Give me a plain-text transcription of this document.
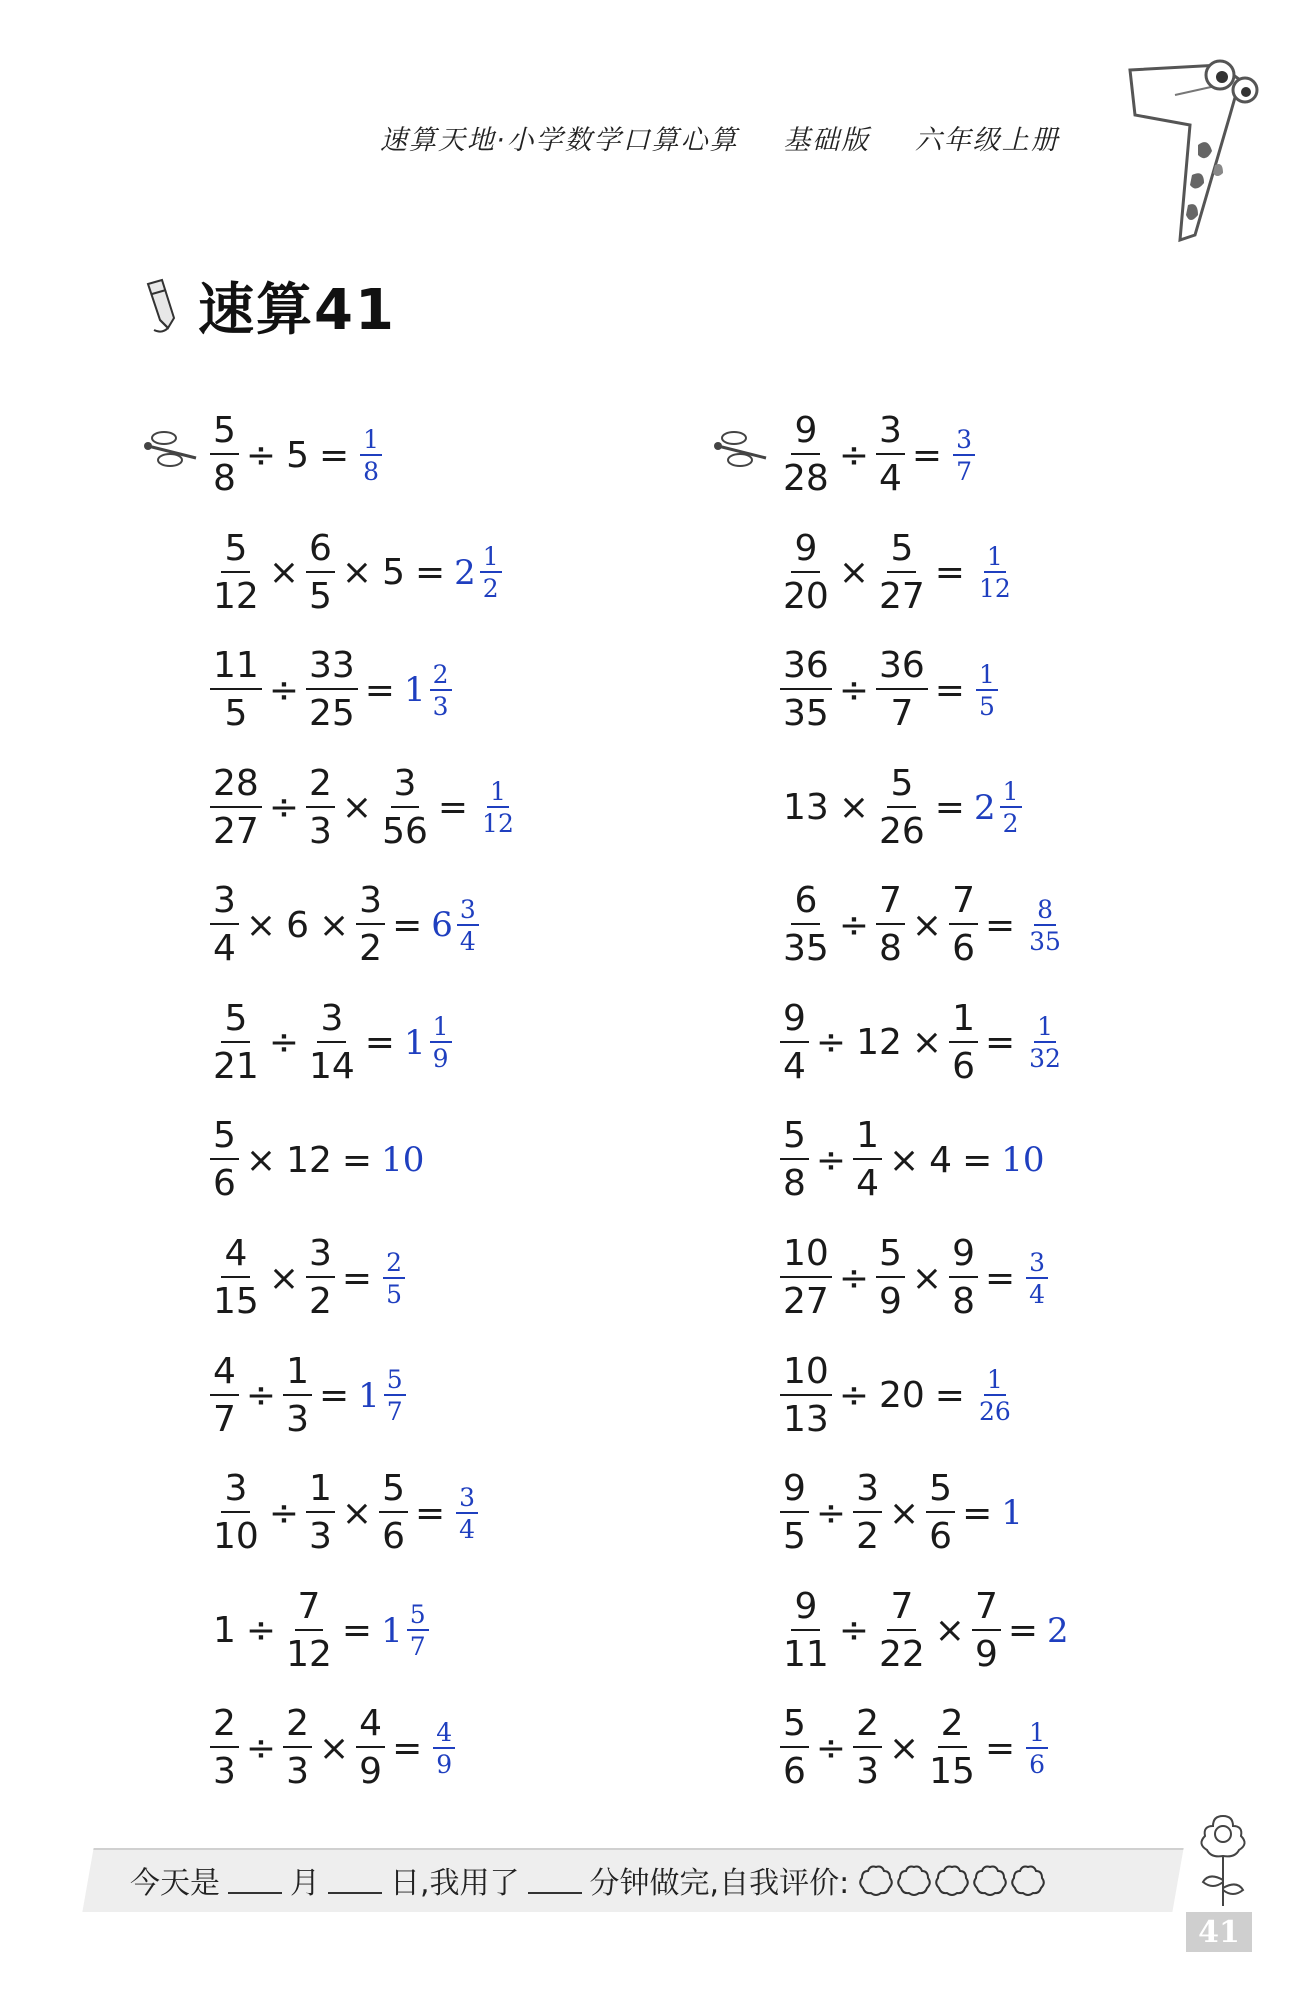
速算天地·小学数学口算心算 基础版 六年级上册
速算41
$\frac{5}{8} \div 5 = \frac{1}{8}$
$\frac{5}{12} \times \frac{6}{5} \times 5 = 2 \frac{1}{2}$
$\frac{11}{5} \div \frac{33}{25} = 1 \frac{2}{3}$
$\frac{28}{27} \div \frac{2}{3} \times \frac{3}{56} = \frac{1}{12}$
$\frac{3}{4} \times 6 \times \frac{3}{2} = 6 \frac{3}{4}$
$\frac{5}{21} \div \frac{3}{14} = 1 \frac{1}{9}$
$\frac{5}{6} \times 12 = 10$
$\frac{4}{15} \times \frac{3}{2} = \frac{2}{5}$
$\frac{4}{7} \div \frac{1}{3} = 1 \frac{5}{7}$
$\frac{3}{10} \div \frac{1}{3} \times \frac{5}{6} = \frac{3}{4}$
$1 \div \frac{7}{12} = 1 \frac{5}{7}$
$\frac{2}{3} \div \frac{2}{3} \times \frac{4}{9} = \frac{4}{9}$
$\frac{9}{28} \div \frac{3}{4} = \frac{3}{7}$
$\frac{9}{20} \times \frac{5}{27} = \frac{1}{12}$
$\frac{36}{35} \div \frac{36}{7} = \frac{1}{5}$
$13 \times \frac{5}{26} = 2 \frac{1}{2}$
$\frac{6}{35} \div \frac{7}{8} \times \frac{7}{6} = \frac{8}{35}$
$\frac{9}{4} \div 12 \times \frac{1}{6} = \frac{1}{32}$
$\frac{5}{8} \div \frac{1}{4} \times 4 = 10$
$\frac{10}{27} \div \frac{5}{9} \times \frac{9}{8} = \frac{3}{4}$
$\frac{10}{13} \div 20 = \frac{1}{26}$
$\frac{9}{5} \div \frac{3}{2} \times \frac{5}{6} = 1$
$\frac{9}{11} \div \frac{7}{22} \times \frac{7}{9} = 2$
$\frac{5}{6} \div \frac{2}{3} \times \frac{2}{15} = \frac{1}{6}$
今天是 月 日,我用了 分钟做完,自我评价:
41
